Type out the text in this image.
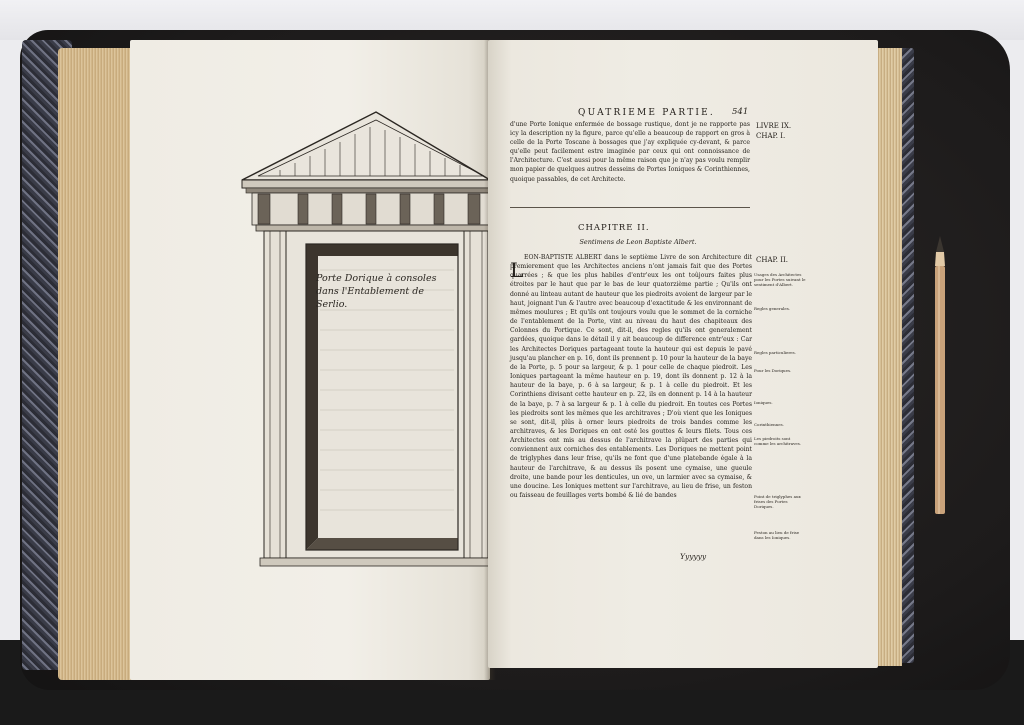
Porte Dorique à consoles
dans l'Entablement de Serlio.
QUATRIEME PARTIE. 541
LIVRE IX.
CHAP. I.
d'une Porte Ionique enfermée de bossage rustique, dont je ne rapporte pas icy la description ny la figure, parce qu'elle a beaucoup de rapport en gros à celle de la Porte Toscane à bossages que j'ay expliquée cy-devant, & parce qu'elle peut facilement estre imaginée par ceux qui ont connoissance de l'Architecture. C'est aussi pour la même raison que je n'ay pas voulu remplir mon papier de quelques autres desseins de Portes Ioniques & Corinthiennes, quoique passables, de cet Architecte.
CHAPITRE II.
Sentimens de Leon Baptiste Albert.
CHAP. II.
L
EON-BAPTISTE ALBERT dans le septième Livre de son Architecture dit premierement que les Architectes anciens n'ont jamais fait que des Portes quarrées ; & que les plus habiles d'entr'eux les ont toûjours faites plus étroites par le haut que par le bas de leur quatorzième partie ; Qu'ils ont donné au linteau autant de hauteur que les piedroits avoient de largeur par le haut, joignant l'un & l'autre avec beaucoup d'exactitude & les environnant de mêmes moulures ; Et qu'ils ont toujours voulu que le sommet de la corniche de l'entablement de la Porte, vint au niveau du haut des chapiteaux des Colonnes du Portique. Ce sont, dit-il, des regles qu'ils ont generalement gardées, quoique dans le détail il y ait beaucoup de difference entr'eux : Car les Architectes Doriques partageant toute la hauteur qui est depuis le pavé jusqu'au plancher en p. 16, dont ils prennent p. 10 pour la hauteur de la baye de la Porte, p. 5 pour sa largeur, & p. 1 pour celle de chaque piedroit. Les Ioniques partageant la même hauteur en p. 19, dont ils donnent p. 12 à la hauteur de la baye, p. 6 à sa largeur, & p. 1 à celle du piedroit. Et les Corinthiens divisant cette hauteur en p. 22, ils en donnent p. 14 à la hauteur de la baye, p. 7 à sa largeur & p. 1 à celle du piedroit. En toutes ces Portes les piedroits sont les mêmes que les architraves ; D'où vient que les Ioniques se sont, dit-il, plûs à orner leurs piedroits de trois bandes comme les architraves, & les Doriques en ont osté les gouttes & leurs filets. Tous ces Architectes ont mis au dessus de l'architrave la plûpart des parties qui conviennent aux corniches des entablements. Les Doriques ne mettent point de triglyphes dans leur frise, qu'ils ne font que d'une platebande égale à la hauteur de l'architrave, & au dessus ils posent une cymaise, une gueule droite, une bande pour les denticules, un ove, un larmier avec sa cymaise, & une doucine. Les Ioniques mettent sur l'architrave, au lieu de frise, un feston ou faisseau de feuillages verts bombé & lié de bandes
Yyyyyy
Usages des Architectes pour les Portes suivant le sentiment d'Albert.
Regles generales.
Regles particulieres.
Pour les Doriques.
Ioniques.
Corinthiennes.
Les piedroits sont comme les architraves.
Point de triglyphes aux frises des Portes Doriques.
Feston au lieu de frise dans les Ioniques.
